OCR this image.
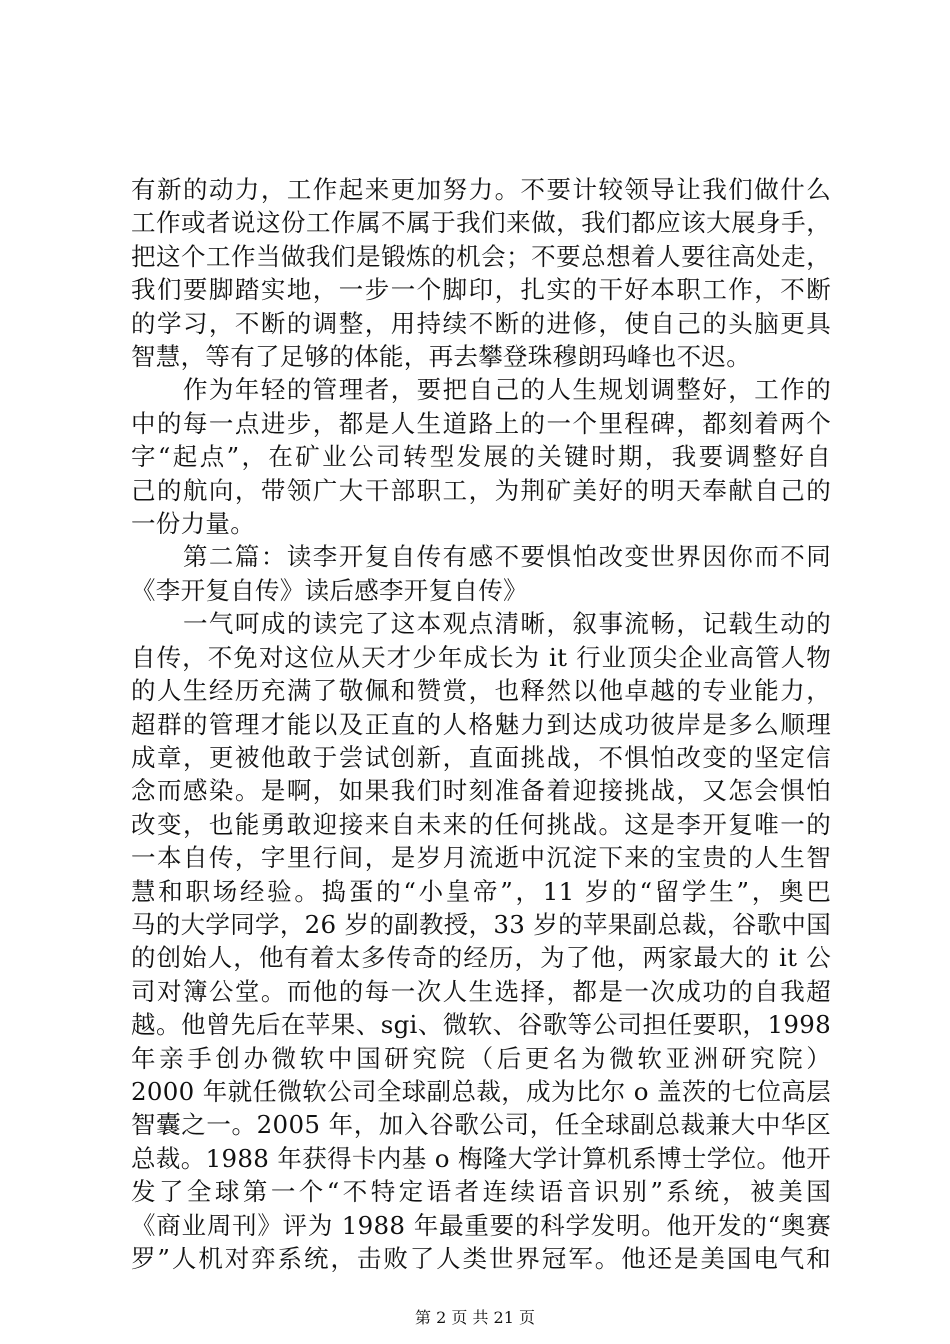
有新的动力，工作起来更加努力。不要计较领导让我们做什么
工作或者说这份工作属不属于我们来做，我们都应该大展身手，
把这个工作当做我们是锻炼的机会；不要总想着人要往高处走，
我们要脚踏实地，一步一个脚印，扎实的干好本职工作，不断
的学习，不断的调整，用持续不断的进修，使自己的头脑更具
智慧，等有了足够的体能，再去攀登珠穆朗玛峰也不迟。
　　作为年轻的管理者，要把自己的人生规划调整好，工作的
中的每一点进步，都是人生道路上的一个里程碑，都刻着两个
字“起点”，在矿业公司转型发展的关键时期，我要调整好自
己的航向，带领广大干部职工，为荆矿美好的明天奉献自己的
一份力量。
　　第二篇：读李开复自传有感不要惧怕改变世界因你而不同
《李开复自传》读后感李开复自传》
　　一气呵成的读完了这本观点清晰，叙事流畅，记载生动的
自传，不免对这位从天才少年成长为 it 行业顶尖企业高管人物
的人生经历充满了敬佩和赞赏，也释然以他卓越的专业能力，
超群的管理才能以及正直的人格魅力到达成功彼岸是多么顺理
成章，更被他敢于尝试创新，直面挑战，不惧怕改变的坚定信
念而感染。是啊，如果我们时刻准备着迎接挑战，又怎会惧怕
改变，也能勇敢迎接来自未来的任何挑战。这是李开复唯一的
一本自传，字里行间，是岁月流逝中沉淀下来的宝贵的人生智
慧和职场经验。捣蛋的“小皇帝”，11 岁的“留学生”，奥巴
马的大学同学，26 岁的副教授，33 岁的苹果副总裁，谷歌中国
的创始人，他有着太多传奇的经历，为了他，两家最大的 it 公
司对簿公堂。而他的每一次人生选择，都是一次成功的自我超
越。他曾先后在苹果、sgi、微软、谷歌等公司担任要职，1998
年亲手创办微软中国研究院（后更名为微软亚洲研究院）
2000 年就任微软公司全球副总裁，成为比尔 o 盖茨的七位高层
智囊之一。2005 年，加入谷歌公司，任全球副总裁兼大中华区
总裁。1988 年获得卡内基 o 梅隆大学计算机系博士学位。他开
发了全球第一个“不特定语者连续语音识别”系统，被美国
《商业周刊》评为 1988 年最重要的科学发明。他开发的“奥赛
罗”人机对弈系统，击败了人类世界冠军。他还是美国电气和
第 2 页 共 21 页
